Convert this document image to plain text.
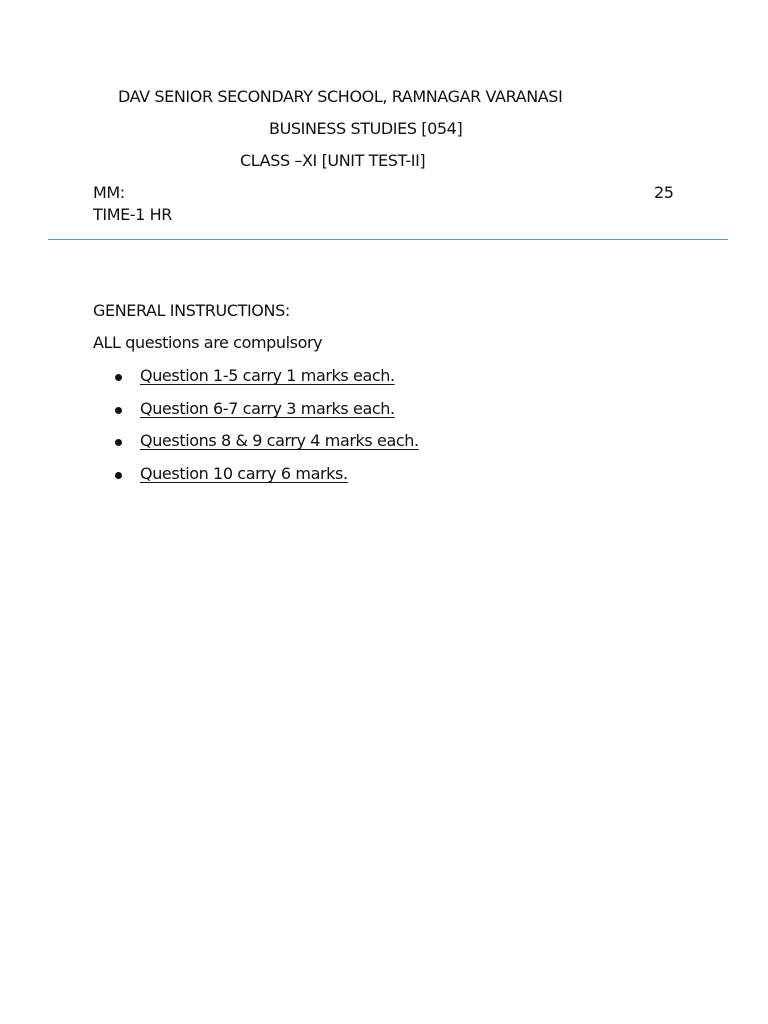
DAV SENIOR SECONDARY SCHOOL, RAMNAGAR VARANASI
BUSINESS STUDIES [054]
CLASS –XI [UNIT TEST-II]
MM:	25
TIME-1 HR
GENERAL INSTRUCTIONS:
ALL questions are compulsory
Question 1-5 carry 1 marks each.
Question 6-7 carry 3 marks each.
Questions 8 & 9 carry 4 marks each.
Question 10 carry 6 marks.
